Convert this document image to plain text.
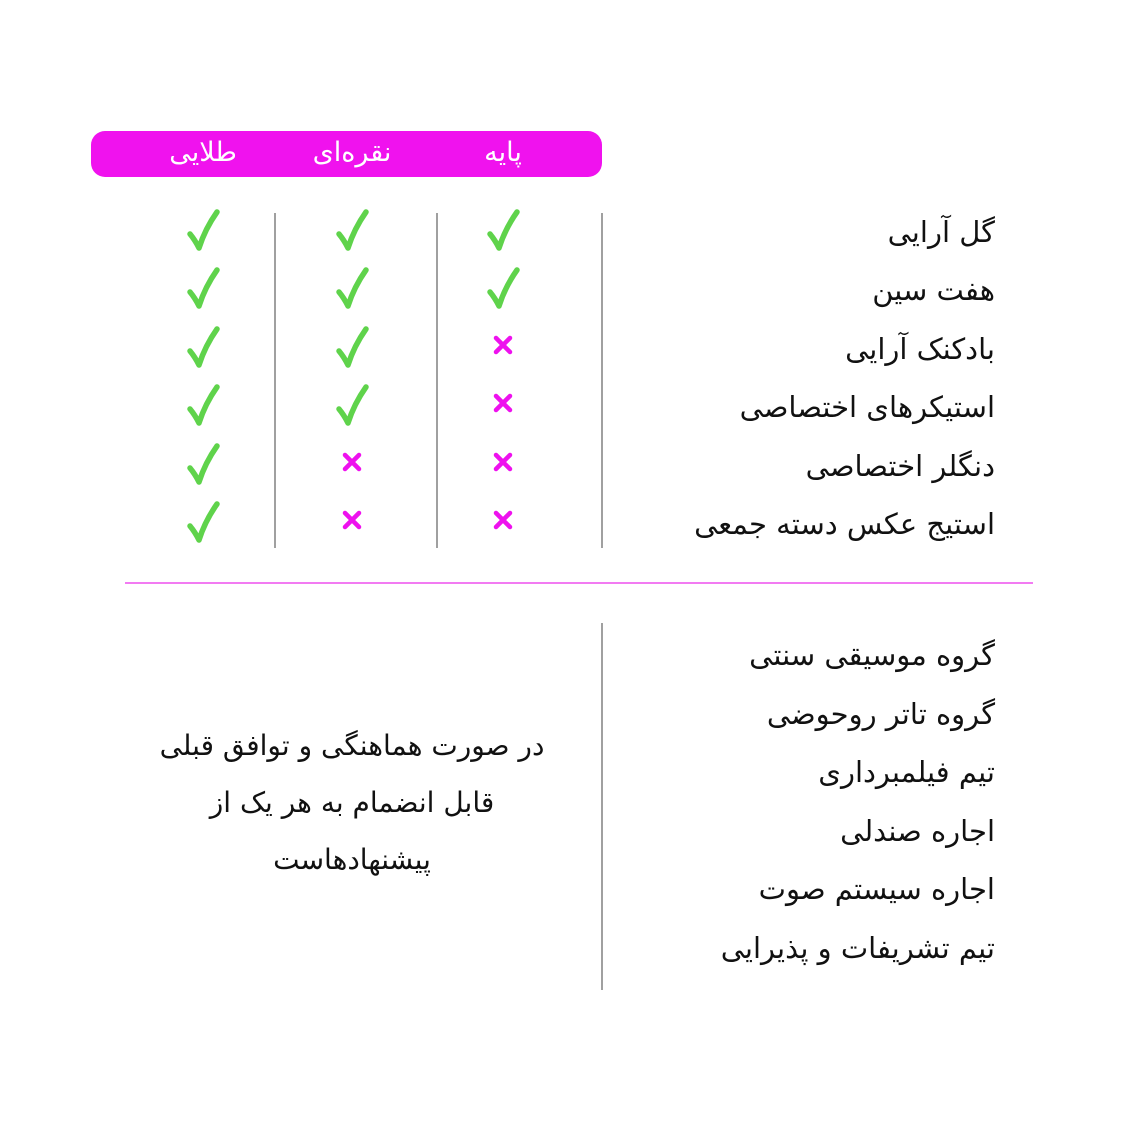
پایه
نقره‌ای
طلایی
گل آرایی
هفت سین
بادکنک آرایی
استیکرهای اختصاصی
دنگلر اختصاصی
استیج عکس دسته جمعی
گروه موسیقی سنتی
گروه تاتر روحوضی
تیم فیلمبرداری
اجاره صندلی
اجاره سیستم صوت
تیم تشریفات و پذیرایی
در صورت هماهنگی و توافق قبلی
قابل انضمام به هر یک از
پیشنهادهاست
